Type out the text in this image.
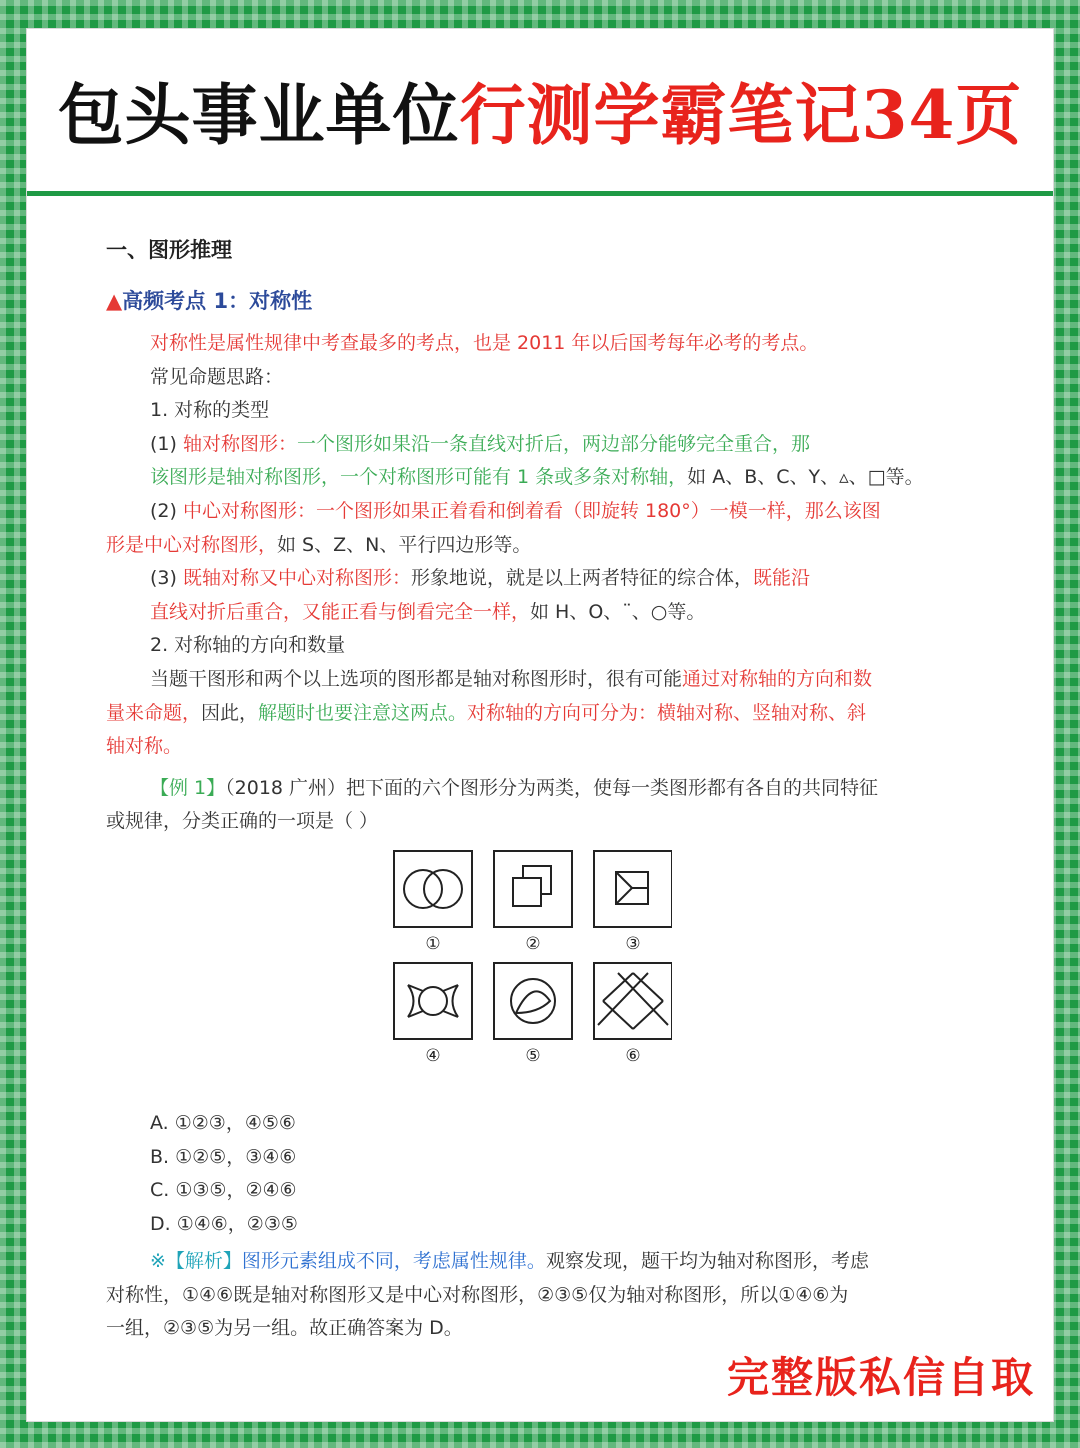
包头事业单位 行测学霸笔记34页
一、图形推理
▲高频考点 1：对称性
对称性是属性规律中考查最多的考点，也是 2011 年以后国考每年必考的考点。
常见命题思路：
1. 对称的类型
(1) 轴对称图形：一个图形如果沿一条直线对折后，两边部分能够完全重合，那
该图形是轴对称图形，一个对称图形可能有 1 条或多条对称轴，如 A、B、C、Y、▵、□等。
(2) 中心对称图形：一个图形如果正着看和倒着看（即旋转 180°）一模一样，那么该图
形是中心对称图形，如 S、Z、N、平行四边形等。
(3) 既轴对称又中心对称图形：形象地说，就是以上两者特征的综合体，既能沿
直线对折后重合，又能正看与倒看完全一样，如 H、O、¨、○等。
2. 对称轴的方向和数量
当题干图形和两个以上选项的图形都是轴对称图形时，很有可能通过对称轴的方向和数
量来命题，因此，解题时也要注意这两点。对称轴的方向可分为：横轴对称、竖轴对称、斜
轴对称。
【例 1】（2018 广州）把下面的六个图形分为两类，使每一类图形都有各自的共同特征
或规律，分类正确的一项是（ ）
①	②	③
④	⑤	⑥
A. ①②③，④⑤⑥
B. ①②⑤，③④⑥
C. ①③⑤，②④⑥
D. ①④⑥，②③⑤
※【解析】图形元素组成不同，考虑属性规律。观察发现，题干均为轴对称图形，考虑
对称性，①④⑥既是轴对称图形又是中心对称图形，②③⑤仅为轴对称图形，所以①④⑥为
一组，②③⑤为另一组。故正确答案为 D。
完整版私信自取
